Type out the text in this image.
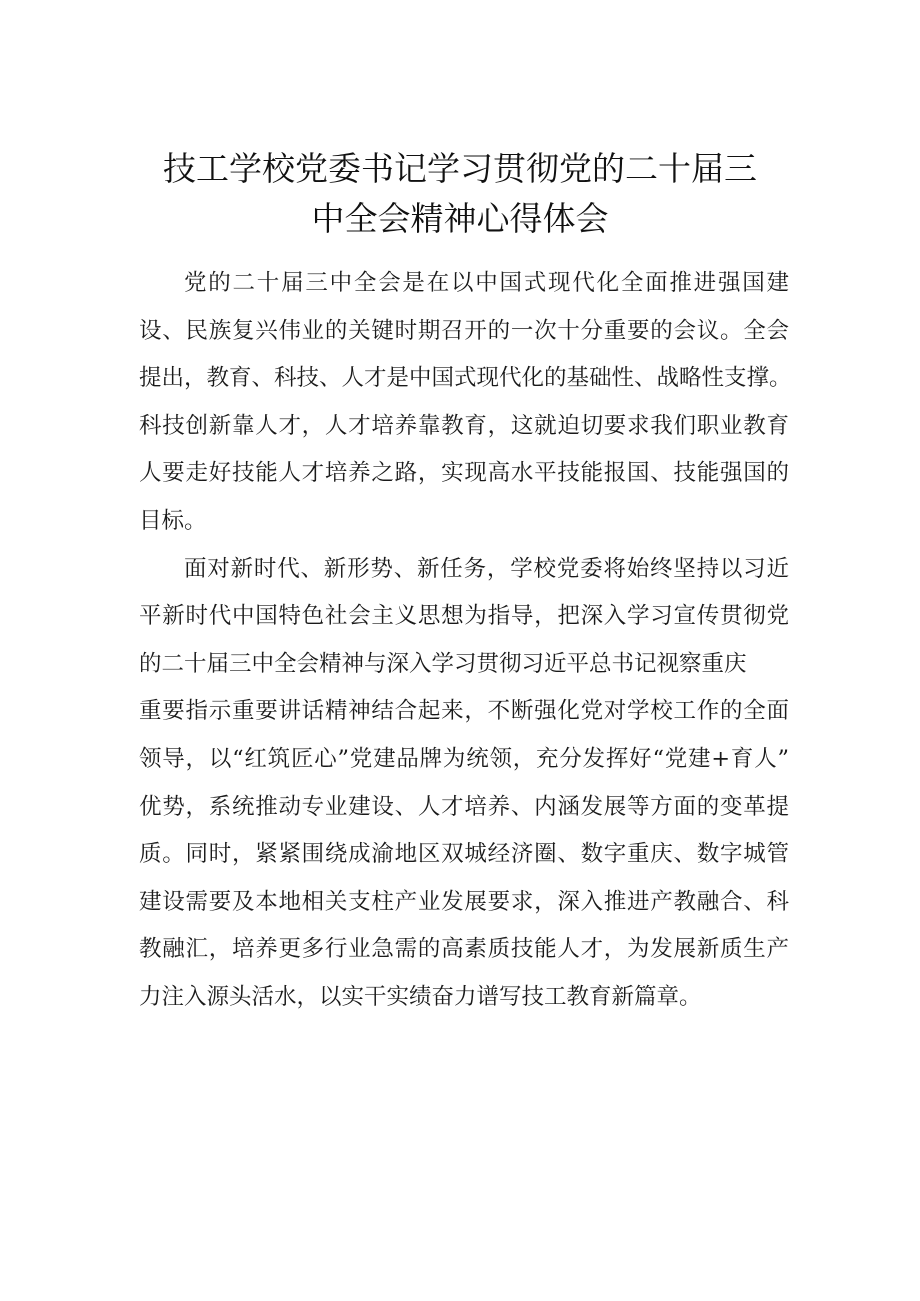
技工学校党委书记学习贯彻党的二十届三
中全会精神心得体会
党的二十届三中全会是在以中国式现代化全面推进强国建
设、民族复兴伟业的关键时期召开的一次十分重要的会议。全会
提出，教育、科技、人才是中国式现代化的基础性、战略性支撑。
科技创新靠人才，人才培养靠教育，这就迫切要求我们职业教育
人要走好技能人才培养之路，实现高水平技能报国、技能强国的
目标。
面对新时代、新形势、新任务，学校党委将始终坚持以习近
平新时代中国特色社会主义思想为指导，把深入学习宣传贯彻党
的二十届三中全会精神与深入学习贯彻习近平总书记视察重庆
重要指示重要讲话精神结合起来，不断强化党对学校工作的全面
领导，以“红筑匠心”党建品牌为统领，充分发挥好“党建+育人”
优势，系统推动专业建设、人才培养、内涵发展等方面的变革提
质。同时，紧紧围绕成渝地区双城经济圈、数字重庆、数字城管
建设需要及本地相关支柱产业发展要求，深入推进产教融合、科
教融汇，培养更多行业急需的高素质技能人才，为发展新质生产
力注入源头活水，以实干实绩奋力谱写技工教育新篇章。
